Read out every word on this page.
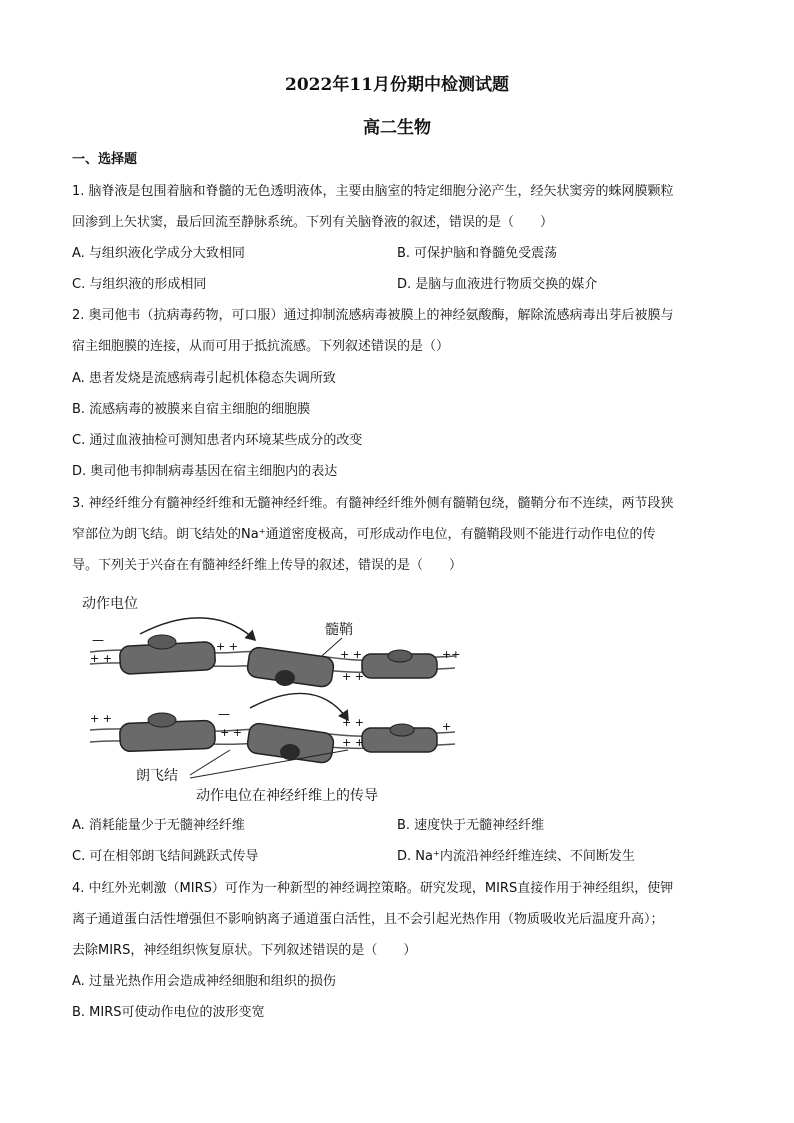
2022年11月份期中检测试题
高二生物
一、选择题
1. 脑脊液是包围着脑和脊髓的无色透明液体，主要由脑室的特定细胞分泌产生，经矢状窦旁的蛛网膜颗粒
回渗到上矢状窦，最后回流至静脉系统。下列有关脑脊液的叙述，错误的是（　　）
A. 与组织液化学成分大致相同	B. 可保护脑和脊髓免受震荡
C. 与组织液的形成相同	D. 是脑与血液进行物质交换的媒介
2. 奥司他韦（抗病毒药物，可口服）通过抑制流感病毒被膜上的神经氨酸酶，解除流感病毒出芽后被膜与
宿主细胞膜的连接，从而可用于抵抗流感。下列叙述错误的是（）
A. 患者发烧是流感病毒引起机体稳态失调所致
B. 流感病毒的被膜来自宿主细胞的细胞膜
C. 通过血液抽检可测知患者内环境某些成分的改变
D. 奥司他韦抑制病毒基因在宿主细胞内的表达
3. 神经纤维分有髓神经纤维和无髓神经纤维。有髓神经纤维外侧有髓鞘包绕，髓鞘分布不连续，两节段狭
窄部位为朗飞结。朗飞结处的Na⁺通道密度极高，可形成动作电位，有髓鞘段则不能进行动作电位的传
导。下列关于兴奋在有髓神经纤维上传导的叙述，错误的是（　　）
动作电位
髓鞘
—
+ +
+ +
+ +	++
+ +
+ +
+ +
—
+ +
+ +
+
朗飞结
动作电位在神经纤维上的传导
A. 消耗能量少于无髓神经纤维	B. 速度快于无髓神经纤维
C. 可在相邻朗飞结间跳跃式传导	D. Na⁺内流沿神经纤维连续、不间断发生
4. 中红外光刺激（MIRS）可作为一种新型的神经调控策略。研究发现，MIRS直接作用于神经组织，使钾
离子通道蛋白活性增强但不影响钠离子通道蛋白活性，且不会引起光热作用（物质吸收光后温度升高）；
去除MIRS，神经组织恢复原状。下列叙述错误的是（　　）
A. 过量光热作用会造成神经细胞和组织的损伤
B. MIRS可使动作电位的波形变宽
